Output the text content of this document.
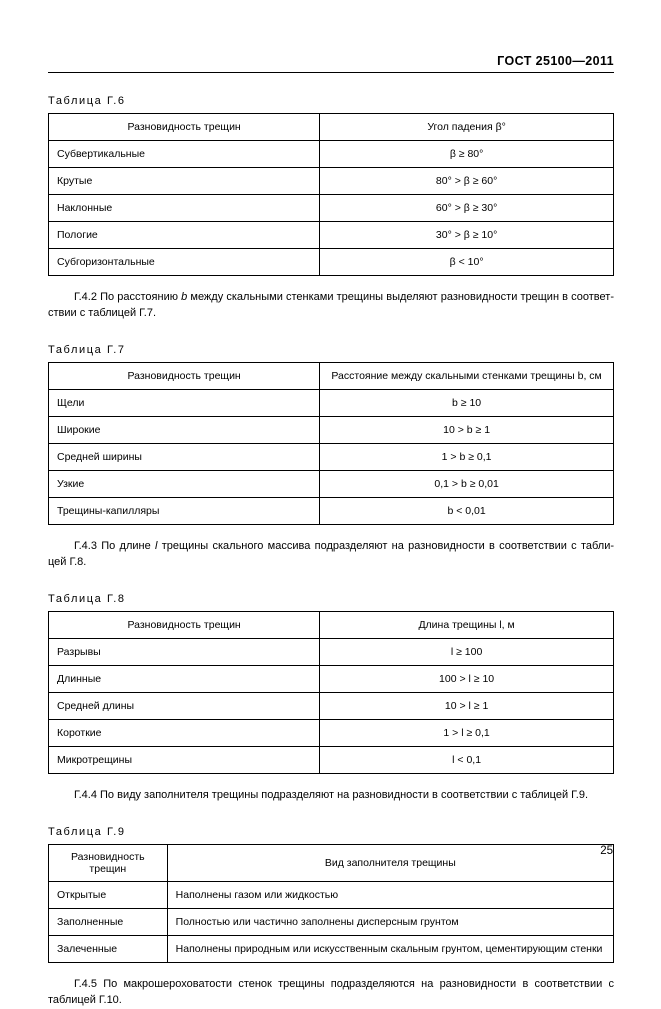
ГОСТ 25100—2011
Таблица Г.6
Разновидность трещин	Угол падения β°
Субвертикальные	β ≥ 80°
Крутые	80° > β ≥ 60°
Наклонные	60° > β ≥ 30°
Пологие	30° > β ≥ 10°
Субгоризонтальные	β < 10°

Г.4.2 По расстоянию b между скальными стенками трещины выделяют разновидности трещин в соответ-ствии с таблицей Г.7.

Таблица Г.7
Разновидность трещин	Расстояние между скальными стенками трещины b, см
Щели	b ≥ 10
Широкие	10 > b ≥ 1
Средней ширины	1 > b ≥ 0,1
Узкие	0,1 > b ≥ 0,01
Трещины-капилляры	b < 0,01

Г.4.3 По длине l трещины скального массива подразделяют на разновидности в соответствии с табли-цей Г.8.

Таблица Г.8
Разновидность трещин	Длина трещины l, м
Разрывы	l ≥ 100
Длинные	100 > l ≥ 10
Средней длины	10 > l ≥ 1
Короткие	1 > l ≥ 0,1
Микротрещины	l < 0,1

Г.4.4 По виду заполнителя трещины подразделяют на разновидности в соответствии с таблицей Г.9.

Таблица Г.9
Разновидность трещин	Вид заполнителя трещины
Открытые	Наполнены газом или жидкостью
Заполненные	Полностью или частично заполнены дисперсным грунтом
Залеченные	Наполнены природным или искусственным скальным грунтом, цементирующим стенки

Г.4.5 По макрошероховатости стенок трещины подразделяются на разновидности в соответствии с таблицей Г.10.

25
